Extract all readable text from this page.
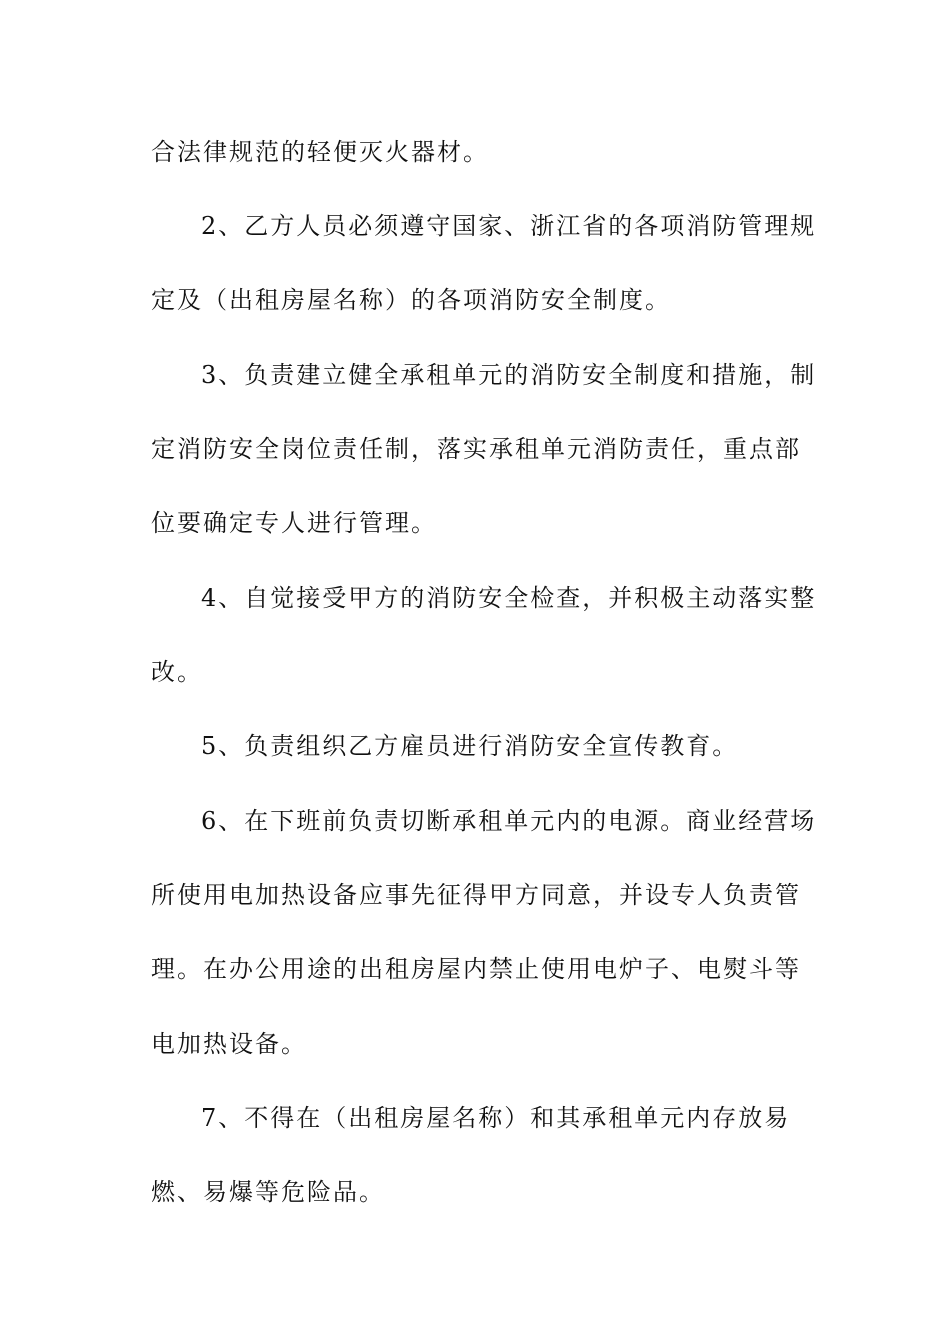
合法律规范的轻便灭火器材。
2、乙方人员必须遵守国家、浙江省的各项消防管理规
定及（出租房屋名称）的各项消防安全制度。
3、负责建立健全承租单元的消防安全制度和措施，制
定消防安全岗位责任制，落实承租单元消防责任，重点部
位要确定专人进行管理。
4、自觉接受甲方的消防安全检查，并积极主动落实整
改。
5、负责组织乙方雇员进行消防安全宣传教育。
6、在下班前负责切断承租单元内的电源。商业经营场
所使用电加热设备应事先征得甲方同意，并设专人负责管
理。在办公用途的出租房屋内禁止使用电炉子、电熨斗等
电加热设备。
7、不得在（出租房屋名称）和其承租单元内存放易
燃、易爆等危险品。
